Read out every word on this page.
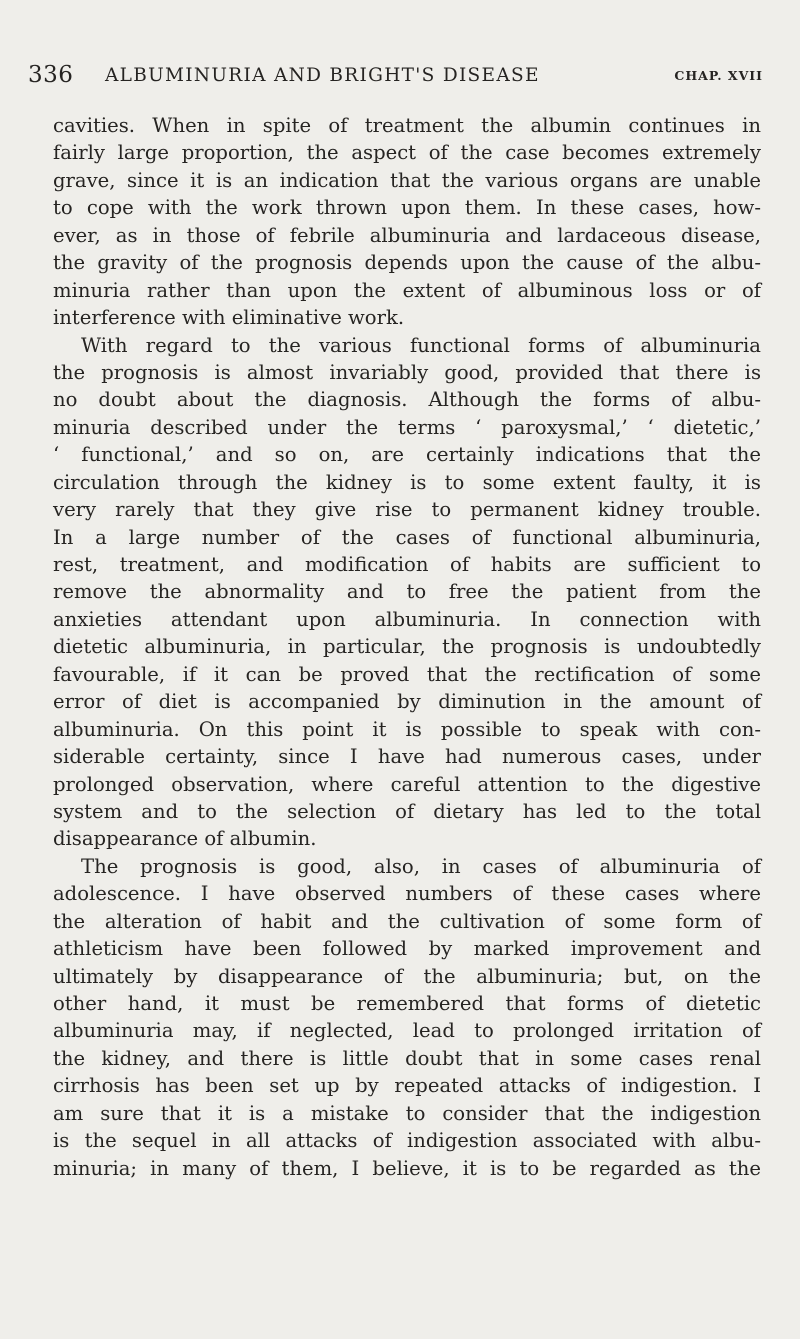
336 ALBUMINURIA AND BRIGHT'S DISEASE	CHAP. XVII
cavities. When in spite of treatment the albumin continues in
fairly large proportion, the aspect of the case becomes extremely
grave, since it is an indication that the various organs are unable
to cope with the work thrown upon them. In these cases, how-
ever, as in those of febrile albuminuria and lardaceous disease,
the gravity of the prognosis depends upon the cause of the albu-
minuria rather than upon the extent of albuminous loss or of
interference with eliminative work.
With regard to the various functional forms of albuminuria
the prognosis is almost invariably good, provided that there is
no doubt about the diagnosis. Although the forms of albu-
minuria described under the terms ‘ paroxysmal,’ ‘ dietetic,’
‘ functional,’ and so on, are certainly indications that the
circulation through the kidney is to some extent faulty, it is
very rarely that they give rise to permanent kidney trouble.
In a large number of the cases of functional albuminuria,
rest, treatment, and modification of habits are sufficient to
remove the abnormality and to free the patient from the
anxieties attendant upon albuminuria. In connection with
dietetic albuminuria, in particular, the prognosis is undoubtedly
favourable, if it can be proved that the rectification of some
error of diet is accompanied by diminution in the amount of
albuminuria. On this point it is possible to speak with con-
siderable certainty, since I have had numerous cases, under
prolonged observation, where careful attention to the digestive
system and to the selection of dietary has led to the total
disappearance of albumin.
The prognosis is good, also, in cases of albuminuria of
adolescence. I have observed numbers of these cases where
the alteration of habit and the cultivation of some form of
athleticism have been followed by marked improvement and
ultimately by disappearance of the albuminuria; but, on the
other hand, it must be remembered that forms of dietetic
albuminuria may, if neglected, lead to prolonged irritation of
the kidney, and there is little doubt that in some cases renal
cirrhosis has been set up by repeated attacks of indigestion. I
am sure that it is a mistake to consider that the indigestion
is the sequel in all attacks of indigestion associated with albu-
minuria; in many of them, I believe, it is to be regarded as the
